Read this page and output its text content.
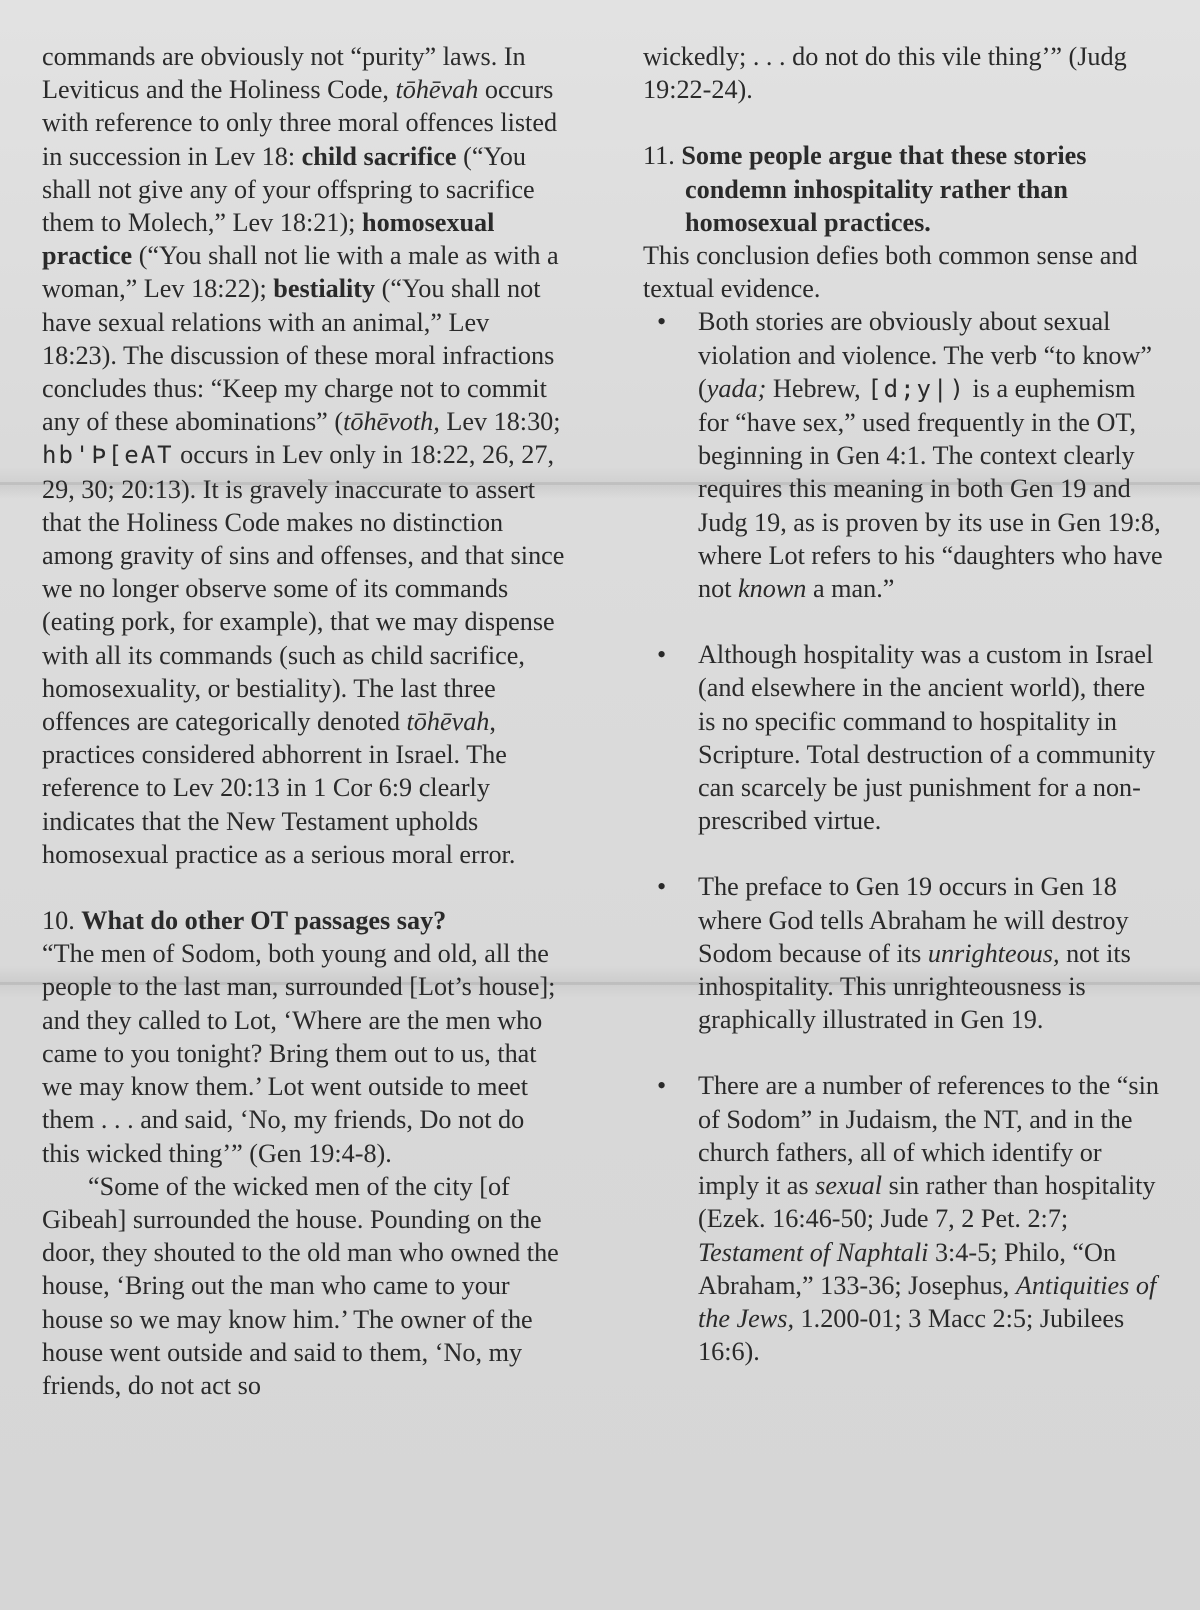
commands are obviously not “purity” laws. In Leviticus and the Holiness Code, tōhēvah occurs with reference to only three moral offences listed in succession in Lev 18: child sacrifice (“You shall not give any of your offspring to sacrifice them to Molech,” Lev 18:21); homosexual practice (“You shall not lie with a male as with a woman,” Lev 18:22); bestiality (“You shall not have sexual relations with an animal,” Lev 18:23). The discussion of these moral infractions concludes thus: “Keep my charge not to commit any of these abominations” (tōhēvoth, Lev 18:30; hb'Þ[eAT occurs in Lev only in 18:22, 26, 27, 29, 30; 20:13). It is gravely inaccurate to assert that the Holiness Code makes no distinction among gravity of sins and offenses, and that since we no longer observe some of its commands (eating pork, for example), that we may dispense with all its commands (such as child sacrifice, homosexuality, or bestiality). The last three offences are categorically denoted tōhēvah, practices considered abhorrent in Israel. The reference to Lev 20:13 in 1 Cor 6:9 clearly indicates that the New Testament upholds homosexual practice as a serious moral error.

10. What do other OT passages say?

“The men of Sodom, both young and old, all the people to the last man, surrounded [Lot’s house]; and they called to Lot, ‘Where are the men who came to you tonight? Bring them out to us, that we may know them.’ Lot went outside to meet them . . . and said, ‘No, my friends, Do not do this wicked thing’” (Gen 19:4-8).

“Some of the wicked men of the city [of Gibeah] surrounded the house. Pounding on the door, they shouted to the old man who owned the house, ‘Bring out the man who came to your house so we may know him.’ The owner of the house went outside and said to them, ‘No, my friends, do not act so

wickedly; . . . do not do this vile thing’” (Judg 19:22-24).

11. Some people argue that these stories condemn inhospitality rather than homosexual practices.

This conclusion defies both common sense and textual evidence.

• Both stories are obviously about sexual violation and violence. The verb “to know” (yada; Hebrew, [d;y|) is a euphemism for “have sex,” used frequently in the OT, beginning in Gen 4:1. The context clearly requires this meaning in both Gen 19 and Judg 19, as is proven by its use in Gen 19:8, where Lot refers to his “daughters who have not known a man.”
• Although hospitality was a custom in Israel (and elsewhere in the ancient world), there is no specific command to hospitality in Scripture. Total destruction of a community can scarcely be just punishment for a non-prescribed virtue.
• The preface to Gen 19 occurs in Gen 18 where God tells Abraham he will destroy Sodom because of its unrighteous, not its inhospitality. This unrighteousness is graphically illustrated in Gen 19.
• There are a number of references to the “sin of Sodom” in Judaism, the NT, and in the church fathers, all of which identify or imply it as sexual sin rather than hospitality (Ezek. 16:46-50; Jude 7, 2 Pet. 2:7; Testament of Naphtali 3:4-5; Philo, “On Abraham,” 133-36; Josephus, Antiquities of the Jews, 1.200-01; 3 Macc 2:5; Jubilees 16:6).
